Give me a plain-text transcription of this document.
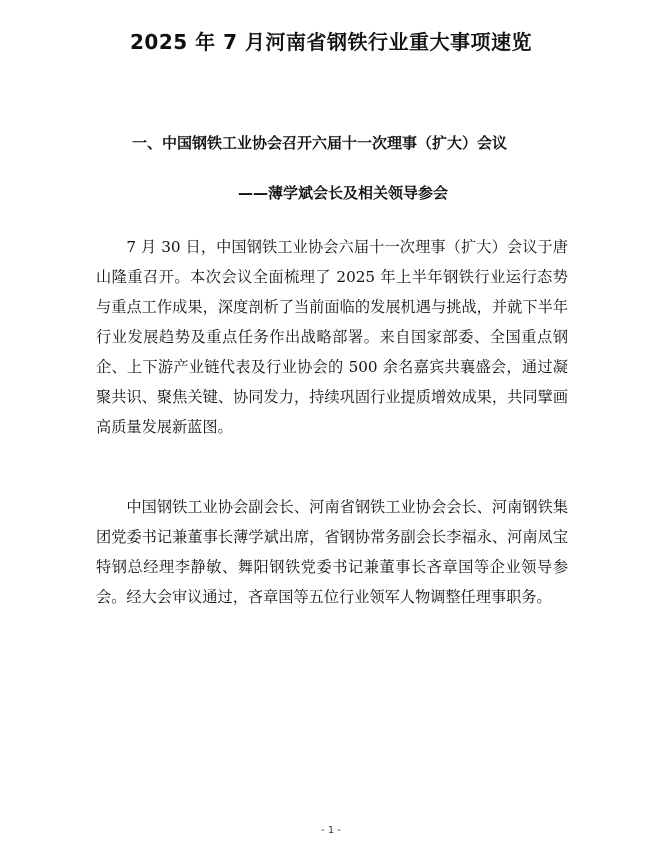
2025 年 7 月河南省钢铁行业重大事项速览
一、中国钢铁工业协会召开六届十一次理事（扩大）会议
——薄学斌会长及相关领导参会

7 月 30 日，中国钢铁工业协会六届十一次理事（扩大）会议于唐山隆重召开。本次会议全面梳理了 2025 年上半年钢铁行业运行态势与重点工作成果，深度剖析了当前面临的发展机遇与挑战，并就下半年行业发展趋势及重点任务作出战略部署。来自国家部委、全国重点钢企、上下游产业链代表及行业协会的 500 余名嘉宾共襄盛会，通过凝聚共识、聚焦关键、协同发力，持续巩固行业提质增效成果，共同擘画高质量发展新蓝图。

中国钢铁工业协会副会长、河南省钢铁工业协会会长、河南钢铁集团党委书记兼董事长薄学斌出席，省钢协常务副会长李福永、河南凤宝特钢总经理李静敏、舞阳钢铁党委书记兼董事长吝章国等企业领导参会。经大会审议通过，吝章国等五位行业领军人物调整任理事职务。

- 1 -
